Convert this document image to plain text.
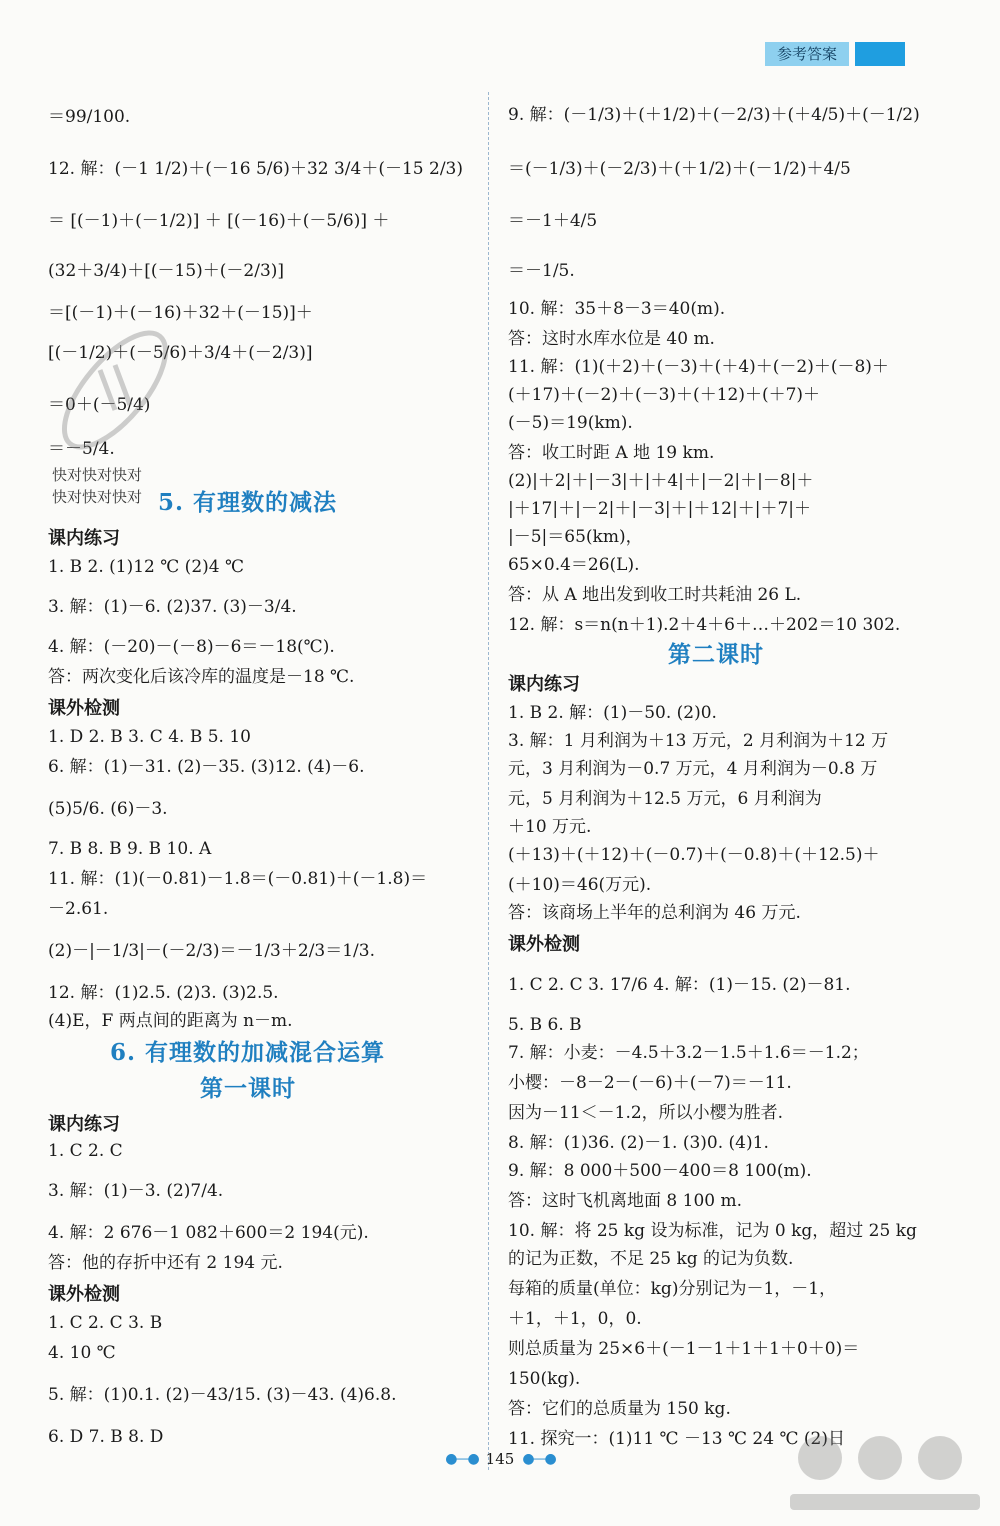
参考答案
＝99/100.
12. 解：(－1 1/2)＋(－16 5/6)＋32 3/4＋(－15 2/3)
＝ [(－1)＋(－1/2)] ＋ [(－16)＋(－5/6)] ＋
(32＋3/4)＋[(－15)＋(－2/3)]
＝[(－1)＋(－16)＋32＋(－15)]＋
[(－1/2)＋(－5/6)＋3/4＋(－2/3)]
＝0＋(－5/4)
＝－5/4.
5. 有理数的减法
课内练习
1. B 2. (1)12 ℃ (2)4 ℃
3. 解：(1)－6. (2)37. (3)－3/4.
4. 解：(－20)－(－8)－6＝－18(℃).
答：两次变化后该冷库的温度是－18 ℃.
课外检测
1. D 2. B 3. C 4. B 5. 10
6. 解：(1)－31. (2)－35. (3)12. (4)－6.
(5)5/6. (6)－3.
7. B 8. B 9. B 10. A
11. 解：(1)(－0.81)－1.8＝(－0.81)＋(－1.8)＝
－2.61.
(2)－|－1/3|－(－2/3)＝－1/3＋2/3＝1/3.
12. 解：(1)2.5. (2)3. (3)2.5.
(4)E，F 两点间的距离为 n－m.
6. 有理数的加减混合运算
第一课时
课内练习
1. C 2. C
3. 解：(1)－3. (2)7/4.
4. 解：2 676－1 082＋600＝2 194(元).
答：他的存折中还有 2 194 元.
课外检测
1. C 2. C 3. B
4. 10 ℃
5. 解：(1)0.1. (2)－43/15. (3)－43. (4)6.8.
6. D 7. B 8. D
9. 解：(－1/3)＋(＋1/2)＋(－2/3)＋(＋4/5)＋(－1/2)
＝(－1/3)＋(－2/3)＋(＋1/2)＋(－1/2)＋4/5
＝－1＋4/5
＝－1/5.
10. 解：35＋8－3＝40(m).
答：这时水库水位是 40 m.
11. 解：(1)(＋2)＋(－3)＋(＋4)＋(－2)＋(－8)＋
(＋17)＋(－2)＋(－3)＋(＋12)＋(＋7)＋
(－5)＝19(km).
答：收工时距 A 地 19 km.
(2)|＋2|＋|－3|＋|＋4|＋|－2|＋|－8|＋
|＋17|＋|－2|＋|－3|＋|＋12|＋|＋7|＋
|－5|＝65(km)，
65×0.4＝26(L).
答：从 A 地出发到收工时共耗油 26 L.
12. 解：s＝n(n＋1).2＋4＋6＋…＋202＝10 302.
第二课时
课内练习
1. B 2. 解：(1)－50. (2)0.
3. 解：1 月利润为＋13 万元，2 月利润为＋12 万
元，3 月利润为－0.7 万元，4 月利润为－0.8 万
元，5 月利润为＋12.5 万元，6 月利润为
＋10 万元.
(＋13)＋(＋12)＋(－0.7)＋(－0.8)＋(＋12.5)＋
(＋10)＝46(万元).
答：该商场上半年的总利润为 46 万元.
课外检测
1. C 2. C 3. 17/6 4. 解：(1)－15. (2)－81.
5. B 6. B
7. 解：小麦：－4.5＋3.2－1.5＋1.6＝－1.2；
小樱：－8－2－(－6)＋(－7)＝－11.
因为－11＜－1.2，所以小樱为胜者.
8. 解：(1)36. (2)－1. (3)0. (4)1.
9. 解：8 000＋500－400＝8 100(m).
答：这时飞机离地面 8 100 m.
10. 解：将 25 kg 设为标准，记为 0 kg，超过 25 kg
的记为正数，不足 25 kg 的记为负数.
每箱的质量(单位：kg)分别记为－1，－1，
＋1，＋1，0，0.
则总质量为 25×6＋(－1－1＋1＋1＋0＋0)＝
150(kg).
答：它们的总质量为 150 kg.
11. 探究一：(1)11 ℃ －13 ℃ 24 ℃ (2)日
快对快对快对
快对快对快对
●—● 145 ●—●
